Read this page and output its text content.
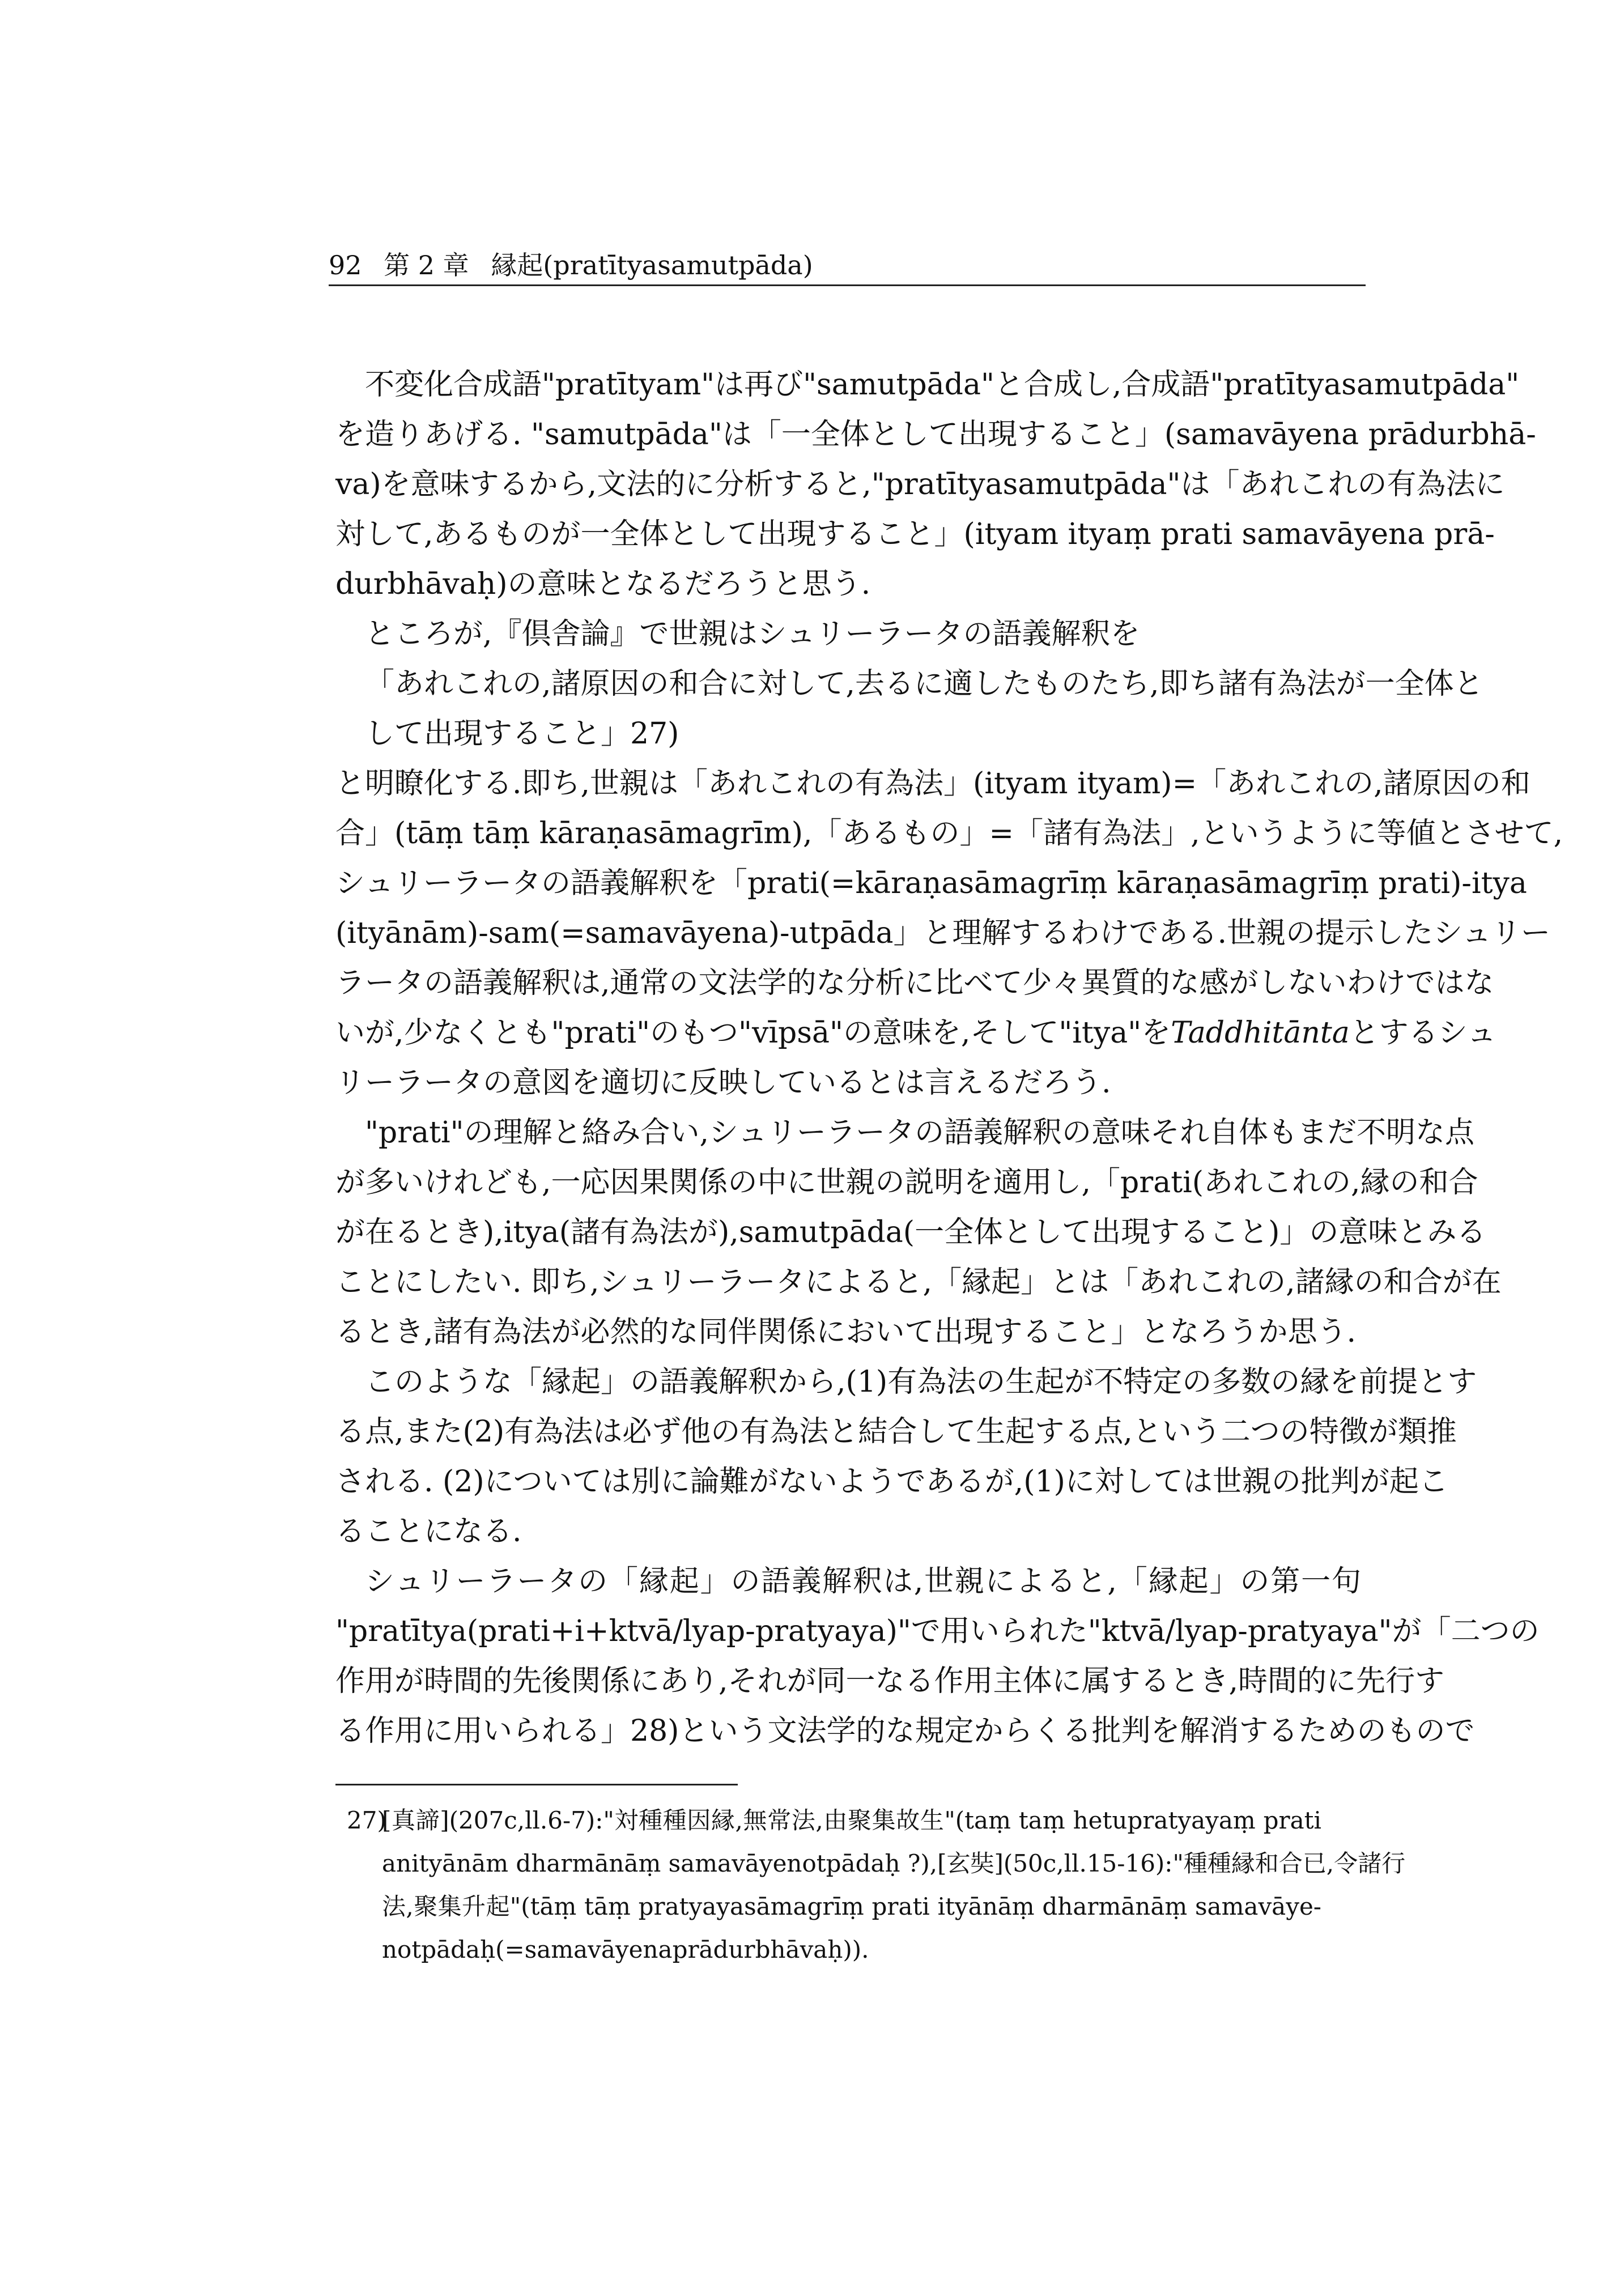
92 第 2 章 縁起(pratītyasamutpāda)
不変化合成語"pratītyam"は再び"samutpāda"と合成し,合成語"pratītyasamutpāda"
を造りあげる. "samutpāda"は「一全体として出現すること」(samavāyena prādurbhā-
va)を意味するから,文法的に分析すると,"pratītyasamutpāda"は「あれこれの有為法に
対して,あるものが一全体として出現すること」(ityam ityaṃ prati samavāyena prā-
durbhāvaḥ)の意味となるだろうと思う.
ところが,『倶舎論』で世親はシュリーラータの語義解釈を
「あれこれの,諸原因の和合に対して,去るに適したものたち,即ち諸有為法が一全体と
して出現すること」27)
と明瞭化する.即ち,世親は「あれこれの有為法」(ityam ityam)=「あれこれの,諸原因の和
合」(tāṃ tāṃ kāraṇasāmagrīm),「あるもの」=「諸有為法」,というように等値とさせて,
シュリーラータの語義解釈を「prati(=kāraṇasāmagrīṃ kāraṇasāmagrīṃ prati)-itya
(ityānām)-sam(=samavāyena)-utpāda」と理解するわけである.世親の提示したシュリー
ラータの語義解釈は,通常の文法学的な分析に比べて少々異質的な感がしないわけではな
いが,少なくとも"prati"のもつ"vīpsā"の意味を,そして"itya"をTaddhitāntaとするシュ
リーラータの意図を適切に反映しているとは言えるだろう.
"prati"の理解と絡み合い,シュリーラータの語義解釈の意味それ自体もまだ不明な点
が多いけれども,一応因果関係の中に世親の説明を適用し,「prati(あれこれの,縁の和合
が在るとき),itya(諸有為法が),samutpāda(一全体として出現すること)」の意味とみる
ことにしたい. 即ち,シュリーラータによると,「縁起」とは「あれこれの,諸縁の和合が在
るとき,諸有為法が必然的な同伴関係において出現すること」となろうか思う.
このような「縁起」の語義解釈から,(1)有為法の生起が不特定の多数の縁を前提とす
る点,また(2)有為法は必ず他の有為法と結合して生起する点,という二つの特徴が類推
される. (2)については別に論難がないようであるが,(1)に対しては世親の批判が起こ
ることになる.
シュリーラータの「縁起」の語義解釈は,世親によると,「縁起」の第一句
"pratītya(prati+i+ktvā/lyap-pratyaya)"で用いられた"ktvā/lyap-pratyaya"が「二つの
作用が時間的先後関係にあり,それが同一なる作用主体に属するとき,時間的に先行す
る作用に用いられる」28)という文法学的な規定からくる批判を解消するためのもので
27)[真諦](207c,ll.6-7):"対種種因縁,無常法,由聚集故生"(taṃ taṃ hetupratyayaṃ prati
anityānām dharmānāṃ samavāyenotpādaḥ ?),[玄奘](50c,ll.15-16):"種種縁和合已,令諸行
法,聚集升起"(tāṃ tāṃ pratyayasāmagrīṃ prati ityānāṃ dharmānāṃ samavāye-
notpādaḥ(=samavāyenaprādurbhāvaḥ)).
